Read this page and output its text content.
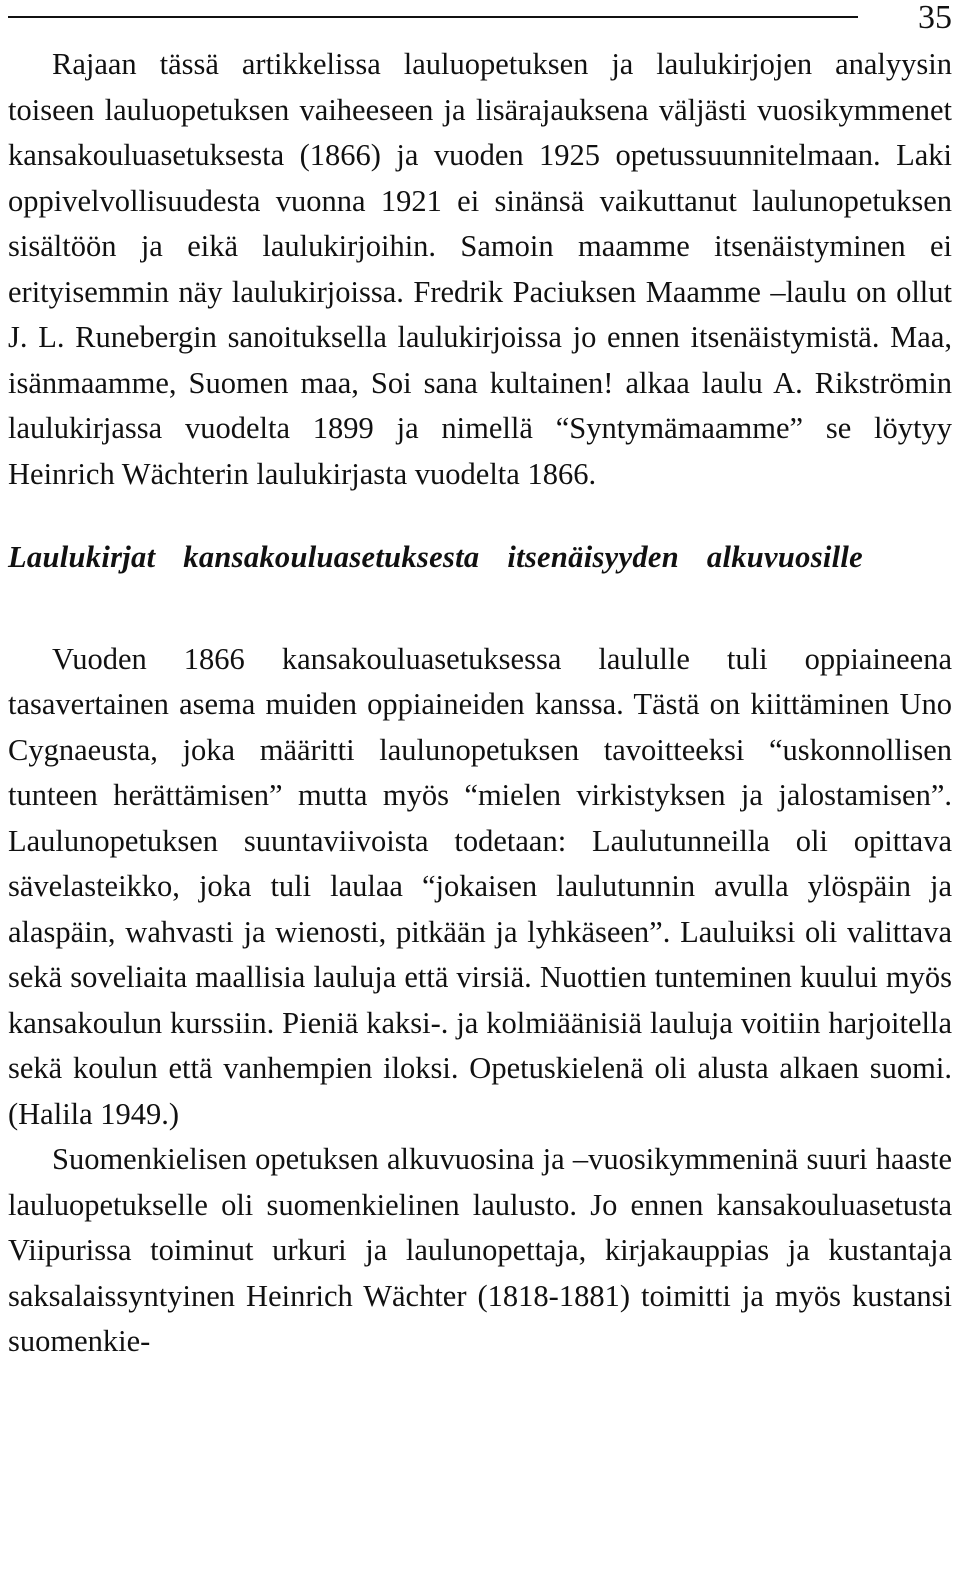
35

Rajaan tässä artikkelissa lauluopetuksen ja laulukirjojen analyysin toiseen lauluopetuksen vaiheeseen ja lisärajauksena väljästi vuosikymmenet kansakouluasetuksesta (1866) ja vuoden 1925 opetussuunnitelmaan. Laki oppivelvollisuudesta vuonna 1921 ei sinänsä vaikuttanut laulunopetuksen sisältöön ja eikä laulukirjoihin. Samoin maamme itsenäistyminen ei erityisemmin näy laulukirjoissa. Fredrik Paciuksen Maamme –laulu on ollut J. L. Runebergin sanoituksella laulukirjoissa jo ennen itsenäistymistä. Maa, isänmaamme, Suomen maa, Soi sana kultainen! alkaa laulu A. Rikströmin laulukirjassa vuodelta 1899 ja nimellä “Syntymämaamme” se löytyy Heinrich Wächterin laulukirjasta vuodelta 1866.

Laulukirjat kansakouluasetuksesta itsenäisyyden alkuvuosille

Vuoden 1866 kansakouluasetuksessa laululle tuli oppiaineena tasavertainen asema muiden oppiaineiden kanssa. Tästä on kiittäminen Uno Cygnaeusta, joka määritti laulunopetuksen tavoitteeksi “uskonnollisen tunteen herättämisen” mutta myös “mielen virkistyksen ja jalostamisen”. Laulunopetuksen suuntaviivoista todetaan: Laulutunneilla oli opittava sävelasteikko, joka tuli laulaa “jokaisen laulutunnin avulla ylöspäin ja alaspäin, wahvasti ja wienosti, pitkään ja lyhkäseen”. Lauluiksi oli valittava sekä soveliaita maallisia lauluja että virsiä. Nuottien tunteminen kuului myös kansakoulun kurssiin. Pieniä kaksi-. ja kolmiäänisiä lauluja voitiin harjoitella sekä koulun että vanhempien iloksi. Opetuskielenä oli alusta alkaen suomi. (Halila 1949.)

Suomenkielisen opetuksen alkuvuosina ja –vuosikymmeninä suuri haaste lauluopetukselle oli suomenkielinen laulusto. Jo ennen kansakouluasetusta Viipurissa toiminut urkuri ja laulunopettaja, kirjakauppias ja kustantaja saksalaissyntyinen Heinrich Wächter (1818-1881) toimitti ja myös kustansi suomenkie-
